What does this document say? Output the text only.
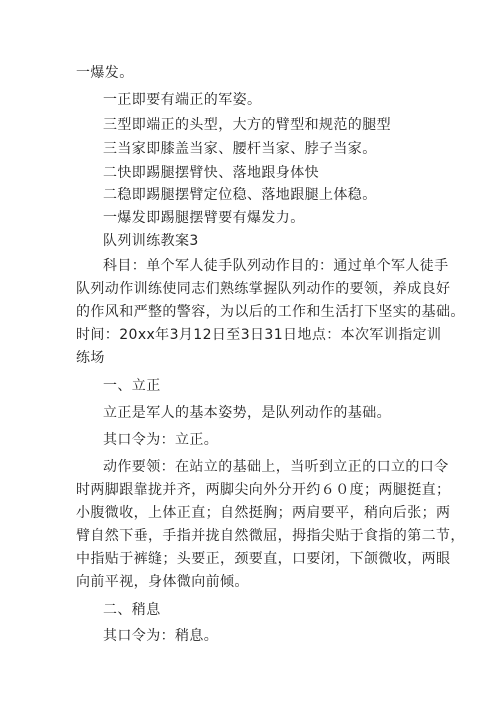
一爆发。
一正即要有端正的军姿。
三型即端正的头型，大方的臂型和规范的腿型
三当家即膝盖当家、腰杆当家、脖子当家。
二快即踢腿摆臂快、落地跟身体快
二稳即踢腿摆臂定位稳、落地跟腿上体稳。
一爆发即踢腿摆臂要有爆发力。
队列训练教案3
科目：单个军人徒手队列动作目的：通过单个军人徒手
队列动作训练使同志们熟练掌握队列动作的要领，养成良好
的作风和严整的警容，为以后的工作和生活打下坚实的基础。
时间：20xx年3月12日至3日31日地点：本次军训指定训
练场
一、立正
立正是军人的基本姿势，是队列动作的基础。
其口令为：立正。
动作要领：在站立的基础上，当听到立正的口立的口令
时两脚跟靠拢并齐，两脚尖向外分开约６０度；两腿挺直；
小腹微收，上体正直；自然挺胸；两肩要平，稍向后张；两
臂自然下垂，手指并拢自然微屈，拇指尖贴于食指的第二节，
中指贴于裤缝；头要正，颈要直，口要闭，下颌微收，两眼
向前平视，身体微向前倾。
二、稍息
其口令为：稍息。
